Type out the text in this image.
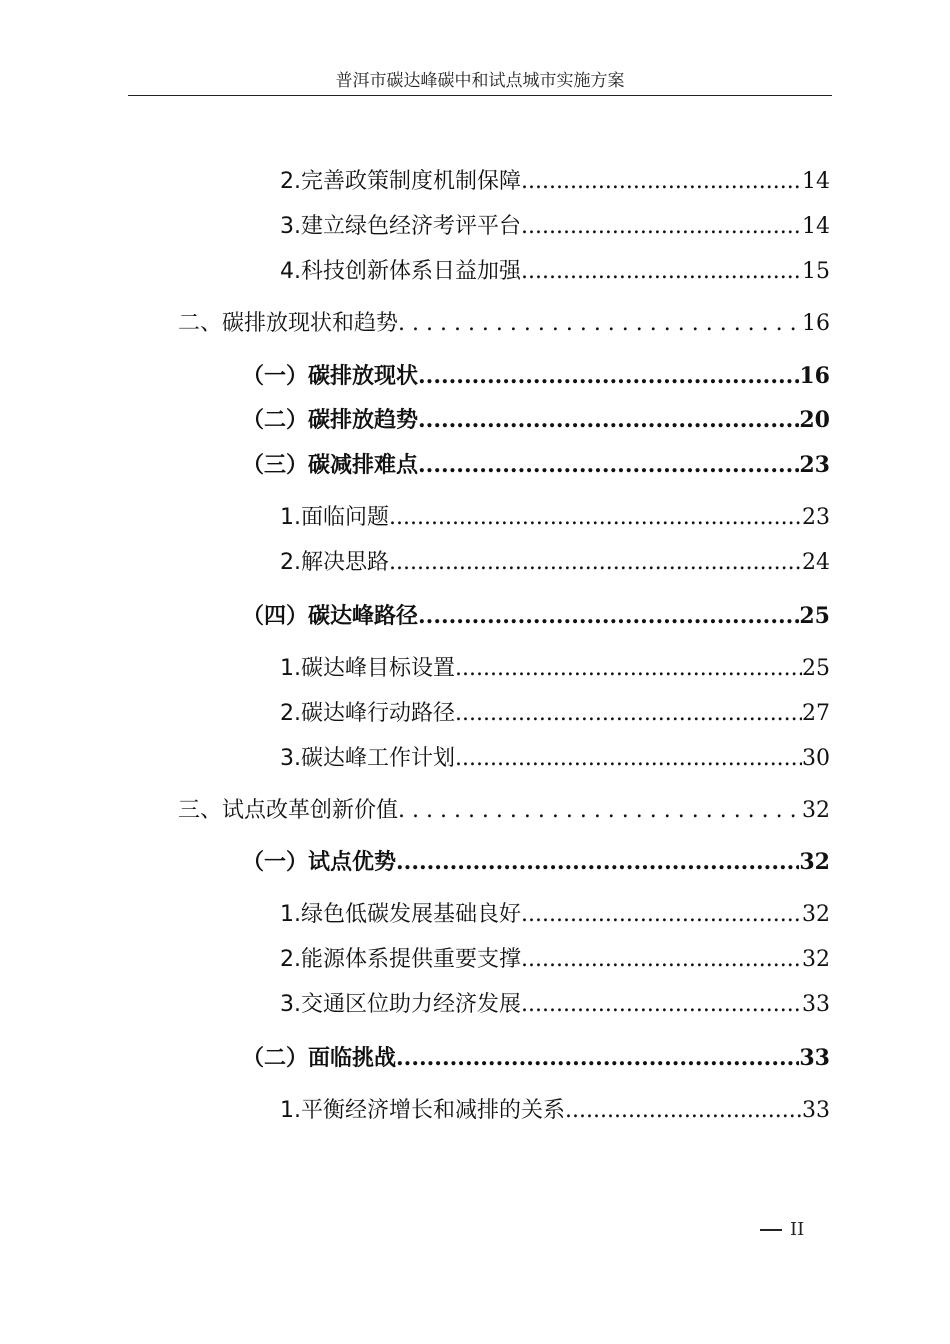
普洱市碳达峰碳中和试点城市实施方案
2.完善政策制度机制保障 .....	14
3.建立绿色经济考评平台 .....	14
4.科技创新体系日益加强 .....	15
二、碳排放现状和趋势 . . .	16
（一）碳排放现状 .....	16
（二）碳排放趋势 .....	20
（三）碳减排难点 .....	23
1.面临问题 .....	23
2.解决思路 .....	24
（四）碳达峰路径 .....	25
1.碳达峰目标设置 .....	25
2.碳达峰行动路径 .....	27
3.碳达峰工作计划 .....	30
三、试点改革创新价值 . . .	32
（一）试点优势 .....	32
1.绿色低碳发展基础良好 .....	32
2.能源体系提供重要支撑 .....	32
3.交通区位助力经济发展 .....	33
（二）面临挑战 .....	33
1.平衡经济增长和减排的关系 .....	33
II
